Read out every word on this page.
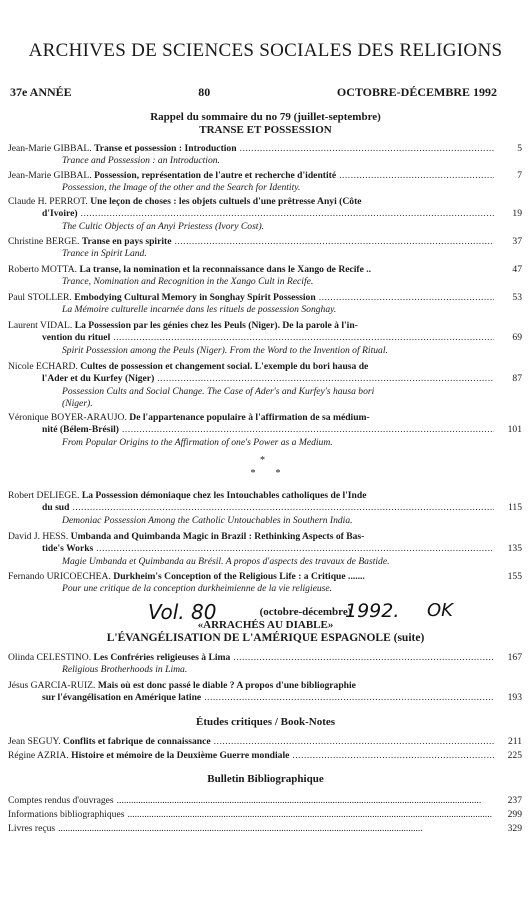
ARCHIVES DE SCIENCES SOCIALES DES RELIGIONS
37e ANNÉE	80	OCTOBRE-DÉCEMBRE 1992
Rappel du sommaire du no 79 (juillet-septembre)
TRANSE ET POSSESSION
Jean-Marie GIBBAL.
Transe et possession : Introduction .....	5
Trance and Possession : an Introduction.
Jean-Marie GIBBAL.
Possession, représentation de l'autre et recherche d'identité .....	7
Possession, the Image of the other and the Search for Identity.
Claude H. PERROT.
Une leçon de choses : les objets cultuels d'une prêtresse Anyi (Côte
d'Ivoire) .....	19
The Cultic Objects of an Anyi Priestess (Ivory Cost).
Christine BERGE.
Transe en pays spirite .....	37
Trance in Spirit Land.
Roberto MOTTA.
La transe, la nomination et la reconnaissance dans le Xango de Recife ..	47
Trance, Nomination and Recognition in the Xango Cult in Recife.
Paul STOLLER.
Embodying Cultural Memory in Songhay Spirit Possession .....	53
La Mémoire culturelle incarnée dans les rituels de possession Songhay.
Laurent VIDAL.
La Possession par les génies chez les Peuls (Niger). De la parole à l'in-
vention du rituel .....	69
Spirit Possession among the Peuls (Niger). From the Word to the Invention of Ritual.
Nicole ECHARD.
Cultes de possession et changement social. L'exemple du bori hausa de
l'Ader et du Kurfey (Niger) .....	87
Possession Cults and Social Change. The Case of Ader's and Kurfey's hausa bori
(Niger).
Véronique BOYER-ARAUJO.
De l'appartenance populaire à l'affirmation de sa médium-
nité (Bélem-Brésil) .....	101
From Popular Origins to the Affirmation of one's Power as a Medium.
*
**
Robert DELIEGE.
La Possession démoniaque chez les Intouchables catholiques de l'Inde
du sud .....	115
Demoniac Possession Among the Catholic Untouchables in Southern India.
David J. HESS.
Umbanda and Quimbanda Magic in Brazil : Rethinking Aspects of Bas-
tide's Works .....	135
Magie Umbanda et Quimbanda au Brésil. A propos d'aspects des travaux de Bastide.
Fernando URICOECHEA.
Durkheim's Conception of the Religious Life : a Critique .......	155
Pour une critique de la conception durkheimienne de la vie religieuse.
Vol. 80	(octobre-décembre)
1992. OK
«ARRACHÉS AU DIABLE»
L'ÉVANGÉLISATION DE L'AMÉRIQUE ESPAGNOLE (suite)
Olinda CELESTINO.
Les Confréries religieuses à Lima .....	167
Religious Brotherhoods in Lima.
Jésus GARCIA-RUIZ.
Mais où est donc passé le diable ? A propos d'une bibliographie
sur l'évangélisation en Amérique latine .....	193
Études critiques / Book-Notes
Jean SEGUY.
Conflits et fabrique de connaissance .....	211
Régine AZRIA.
Histoire et mémoire de la Deuxième Guerre mondiale .....	225
Bulletin Bibliographique
Comptes rendus d'ouvrages .....	237
Informations bibliographiques .....	299
Livres reçus .....	329
